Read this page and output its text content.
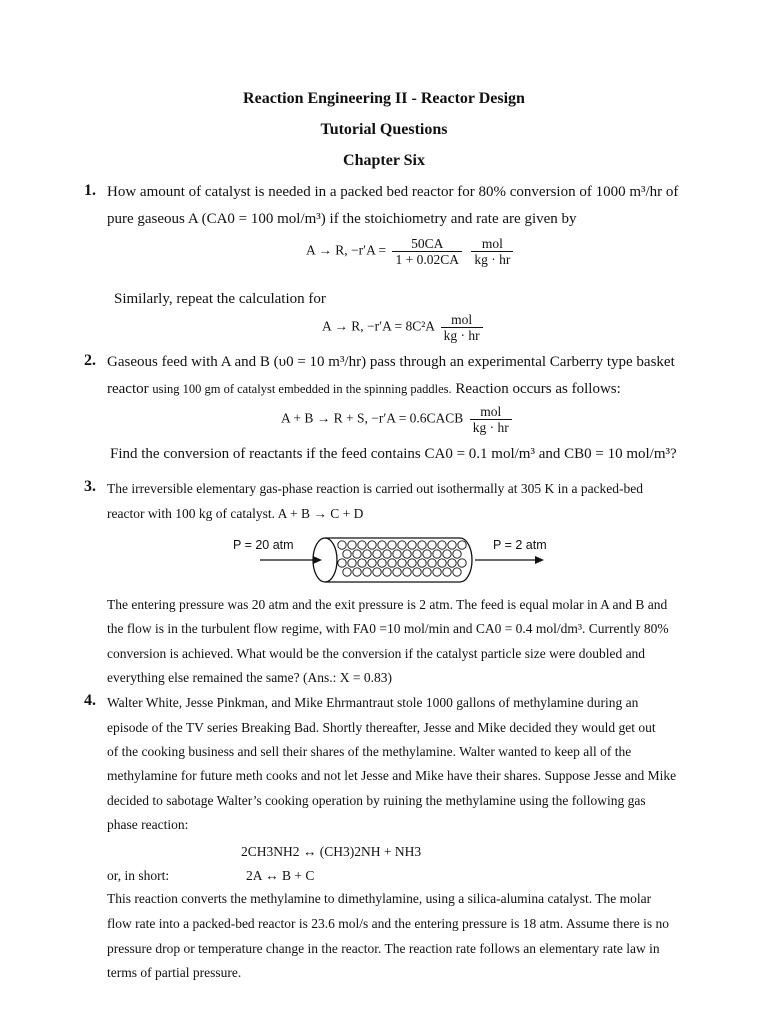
Reaction Engineering II - Reactor Design
Tutorial Questions
Chapter Six
1. How amount of catalyst is needed in a packed bed reactor for 80% conversion of 1000 m³/hr of
pure gaseous A (CA0 = 100 mol/m³) if the stoichiometry and rate are given by
A → R, $-r'A = \frac{50CA}{1 + 0.02CA}$
$\frac{\text{mol}}{kg \cdot hr}$
Similarly, repeat the calculation for
A → R, $-r'A = 8C^2A \frac{\text{mol}}{kg \cdot hr}$
2. Gaseous feed with A and B (υ0 = 10 m³/hr) pass through an experimental Carberry type basket
reactor using 100 gm of catalyst embedded in the spinning paddles. Reaction occurs as follows:
A + B → R + S, −r′A = 0.6CACB $\frac{\text{mol}}{kg \cdot hr}$
Find the conversion of reactants if the feed contains CA0 = 0.1 mol/m³ and CB0 = 10 mol/m³?
3. The irreversible elementary gas-phase reaction is carried out isothermally at 305 K in a packed-bed
reactor with 100 kg of catalyst. A + B → C + D
P = 20 atm	P = 2 atm
The entering pressure was 20 atm and the exit pressure is 2 atm. The feed is equal molar in A and B and
the flow is in the turbulent flow regime, with FA0 =10 mol/min and CA0 = 0.4 mol/dm³. Currently 80%
conversion is achieved. What would be the conversion if the catalyst particle size were doubled and
everything else remained the same? (Ans.: X = 0.83)
4. Walter White, Jesse Pinkman, and Mike Ehrmantraut stole 1000 gallons of methylamine during an
episode of the TV series Breaking Bad. Shortly thereafter, Jesse and Mike decided they would get out
of the cooking business and sell their shares of the methylamine. Walter wanted to keep all of the
methylamine for future meth cooks and not let Jesse and Mike have their shares. Suppose Jesse and Mike
decided to sabotage Walter’s cooking operation by ruining the methylamine using the following gas
phase reaction:
2CH3NH2 ↔ (CH3)2NH + NH3
or, in short:	2A ↔ B + C
This reaction converts the methylamine to dimethylamine, using a silica-alumina catalyst. The molar
flow rate into a packed-bed reactor is 23.6 mol/s and the entering pressure is 18 atm. Assume there is no
pressure drop or temperature change in the reactor. The reaction rate follows an elementary rate law in
terms of partial pressure.
